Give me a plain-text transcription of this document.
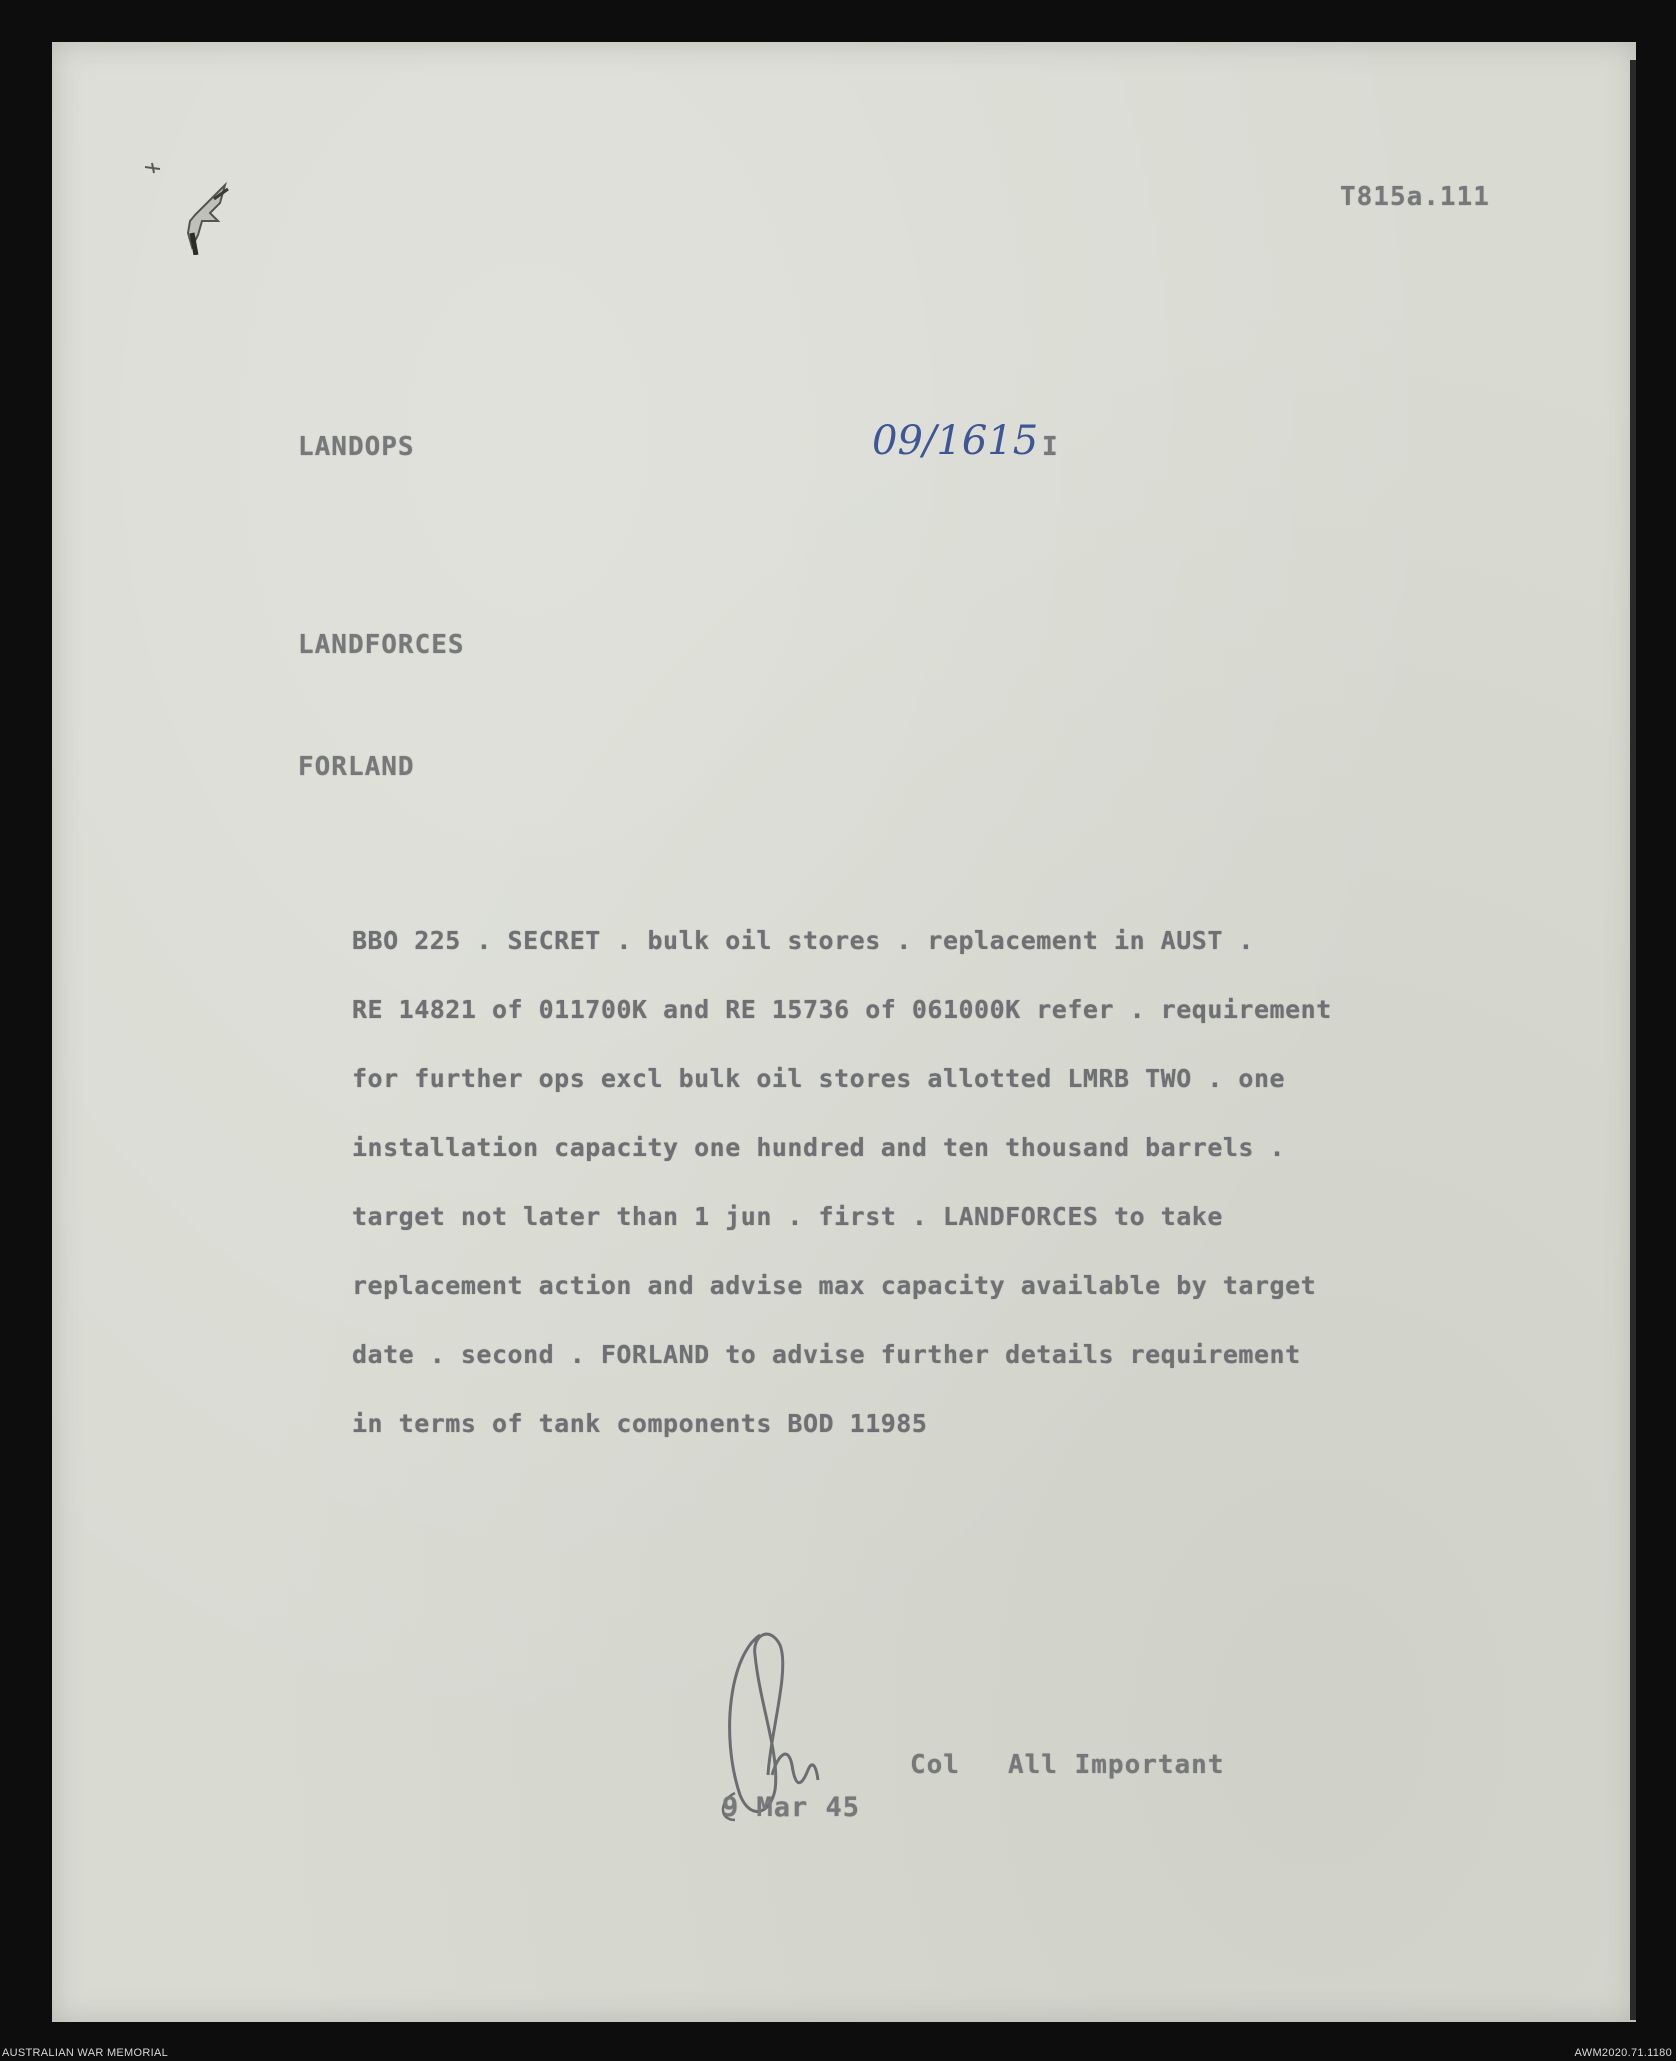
T815a.111
LANDOPS	09/1615 I
LANDFORCES
FORLAND
BBO 225 . SECRET . bulk oil stores . replacement in AUST .
RE 14821 of 011700K and RE 15736 of 061000K refer . requirement
for further ops excl bulk oil stores allotted LMRB TWO . one
installation capacity one hundred and ten thousand barrels .
target not later than 1 jun . first . LANDFORCES to take
replacement action and advise max capacity available by target
date . second . FORLAND to advise further details requirement
in terms of tank components BOD 11985
Col All Important
9 Mar 45
AUSTRALIAN WAR MEMORIAL	AWM2020.71.1180
